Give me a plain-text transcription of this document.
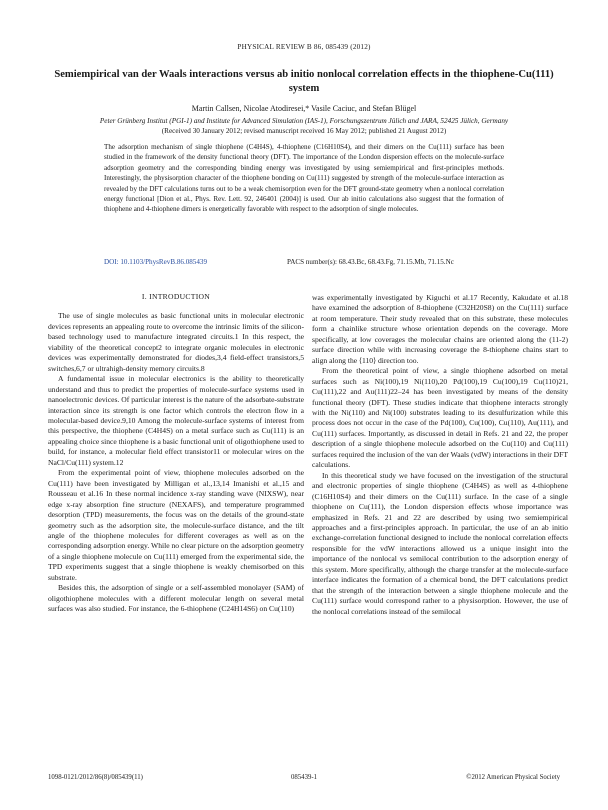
PHYSICAL REVIEW B 86, 085439 (2012)
Semiempirical van der Waals interactions versus ab initio nonlocal correlation effects in the thiophene-Cu(111) system
Martin Callsen, Nicolae Atodiresei,* Vasile Caciuc, and Stefan Blügel
Peter Grünberg Institut (PGI-1) and Institute for Advanced Simulation (IAS-1), Forschungszentrum Jülich and JARA, 52425 Jülich, Germany
(Received 30 January 2012; revised manuscript received 16 May 2012; published 21 August 2012)
The adsorption mechanism of single thiophene (C4H4S), 4-thiophene (C16H10S4), and their dimers on the Cu(111) surface has been studied in the framework of the density functional theory (DFT). The importance of the London dispersion effects on the molecule-surface adsorption geometry and the corresponding binding energy was investigated by using semiempirical and first-principles methods. Interestingly, the physisorption character of the thiophene bonding on Cu(111) suggested by strength of the molecule-surface interaction as revealed by the DFT calculations turns out to be a weak chemisorption even for the DFT ground-state geometry when a nonlocal correlation energy functional [Dion et al., Phys. Rev. Lett. 92, 246401 (2004)] is used. Our ab initio calculations also suggest that the formation of thiophene and 4-thiophene dimers is energetically favorable with respect to the adsorption of single molecules.
DOI: 10.1103/PhysRevB.86.085439	PACS number(s): 68.43.Bc, 68.43.Fg, 71.15.Mb, 71.15.Nc
I. INTRODUCTION

The use of single molecules as basic functional units in molecular electronic devices represents an appealing route to overcome the intrinsic limits of the silicon-based technology used to manufacture integrated circuits.1 In this respect, the viability of the theoretical concept2 to integrate organic molecules in electronic devices was experimentally demonstrated for diodes,3,4 field-effect transistors,5 switches,6,7 or ultrahigh-density memory circuits.8

A fundamental issue in molecular electronics is the ability to theoretically understand and thus to predict the properties of molecule-surface systems used in nanoelectronic devices. Of particular interest is the nature of the adsorbate-substrate interaction since its strength is one factor which controls the electron flow in a molecular-based device.9,10 Among the molecule-surface systems of interest from this perspective, the thiophene (C4H4S) on a metal surface such as Cu(111) is an appealing choice since thiophene is a basic functional unit of oligothiophene used to build, for instance, a molecular field effect transistor11 or molecular wires on the NaCl/Cu(111) system.12

From the experimental point of view, thiophene molecules adsorbed on the Cu(111) have been investigated by Milligan et al.,13,14 Imanishi et al.,15 and Rousseau et al.16 In these normal incidence x-ray standing wave (NIXSW), near edge x-ray absorption fine structure (NEXAFS), and temperature programmed desorption (TPD) measurements, the focus was on the details of the ground-state geometry such as the adsorption site, the molecule-surface distance, and the tilt angle of the thiophene molecules for different coverages as well as on the corresponding adsorption energy. While no clear picture on the adsorption geometry of a single thiophene molecule on Cu(111) emerged from the experimental side, the TPD experiments suggest that a single thiophene is weakly chemisorbed on this substrate.

Besides this, the adsorption of single or a self-assembled monolayer (SAM) of oligothiophene molecules with a different molecular length on several metal surfaces was also studied. For instance, the 6-thiophene (C24H14S6) on Cu(110)

was experimentally investigated by Kiguchi et al.17 Recently, Kakudate et al.18 have examined the adsorption of 8-thiophene (C32H20S8) on the Cu(111) surface at room temperature. Their study revealed that on this substrate, these molecules form a chainlike structure whose orientation depends on the coverage. More specifically, at low coverages the molecular chains are oriented along the (11-2) surface direction while with increasing coverage the 8-thiophene chains start to align along the ⟨110⟩ direction too.

From the theoretical point of view, a single thiophene adsorbed on metal surfaces such as Ni(100),19 Ni(110),20 Pd(100),19 Cu(100),19 Cu(110)21, Cu(111),22 and Au(111)22–24 has been investigated by means of the density functional theory (DFT). These studies indicate that thiophene interacts strongly with the Ni(110) and Ni(100) substrates leading to its desulfurization while this process does not occur in the case of the Pd(100), Cu(100), Cu(110), Au(111), and Cu(111) surfaces. Importantly, as discussed in detail in Refs. 21 and 22, the proper description of a single thiophene molecule adsorbed on the Cu(110) and Cu(111) surfaces required the inclusion of the van der Waals (vdW) interactions in their DFT calculations.

In this theoretical study we have focused on the investigation of the structural and electronic properties of single thiophene (C4H4S) as well as 4-thiophene (C16H10S4) and their dimers on the Cu(111) surface. In the case of a single thiophene on Cu(111), the London dispersion effects whose importance was emphasized in Refs. 21 and 22 are described by using two semiempirical approaches and a first-principles approach. In particular, the use of an ab initio exchange-correlation functional designed to include the nonlocal correlation effects responsible for the vdW interactions allowed us a unique insight into the importance of the nonlocal vs semilocal contribution to the adsorption energy of this system. More specifically, although the charge transfer at the molecule-surface interface indicates the formation of a chemical bond, the DFT calculations predict that the strength of the interaction between a single thiophene molecule and the Cu(111) surface would correspond rather to a physisorption. However, the use of the nonlocal correlations instead of the semilocal

1098-0121/2012/86(8)/085439(11)	085439-1	©2012 American Physical Society
